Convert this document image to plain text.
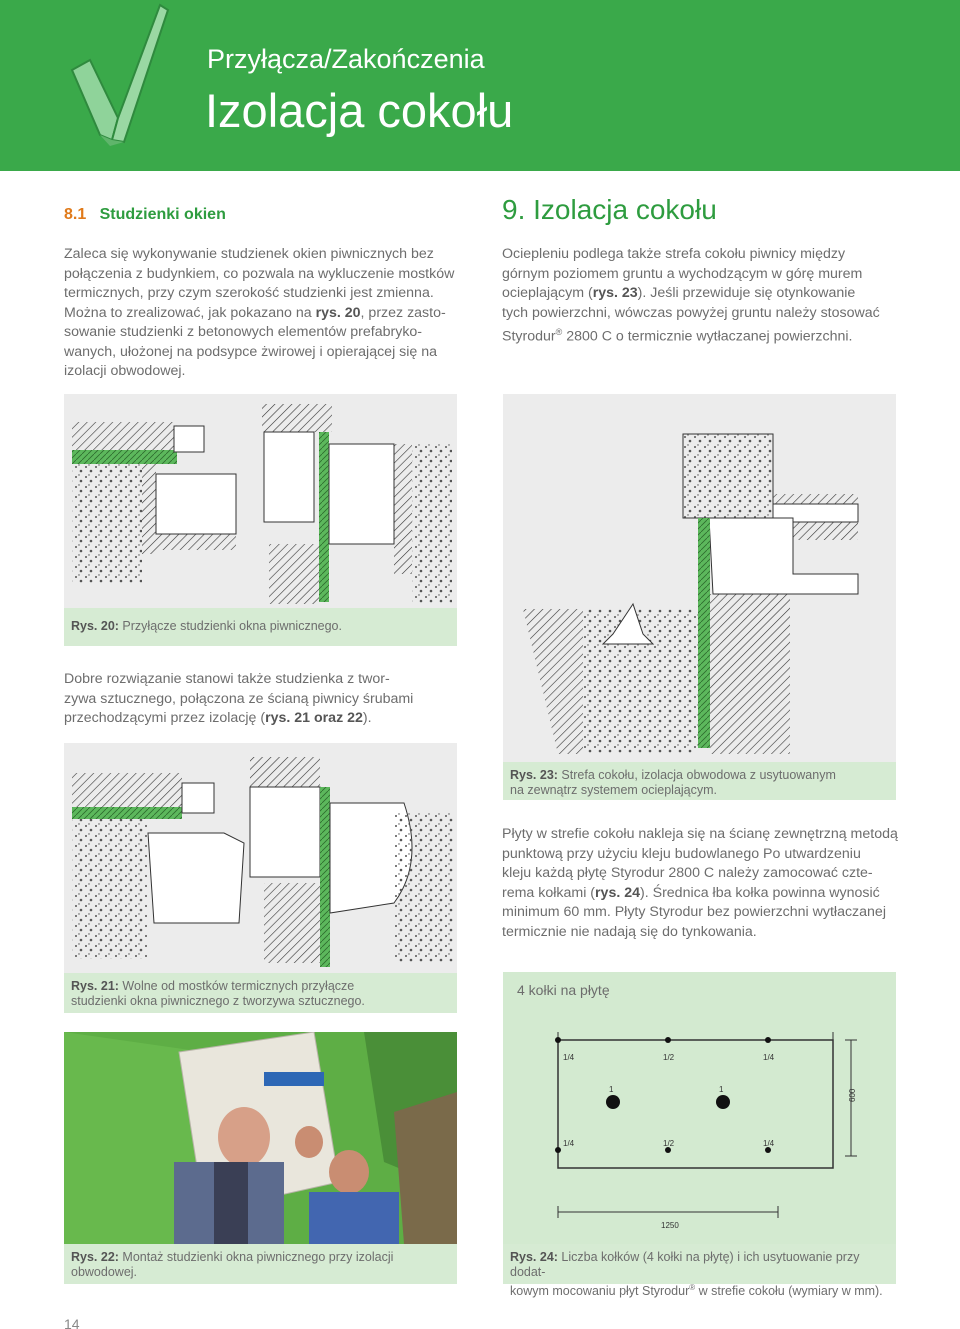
Przyłącza/Zakończenia
Izolacja cokołu
8.1 Studzienki okien
Zaleca się wykonywanie studzienek okien piwnicznych bez
połączenia z budynkiem, co pozwala na wykluczenie mostków
termicznych, przy czym szerokość studzienki jest zmienna.
Można to zrealizować, jak pokazano na rys. 20, przez zasto-
sowanie studzienki z betonowych elementów prefabryko-
wanych, ułożonej na podsypce żwirowej i opierającej się na
izolacji obwodowej.
Rys. 20: Przyłącze studzienki okna piwnicznego.
Dobre rozwiązanie stanowi także studzienka z twor-
zywa sztucznego, połączona ze ścianą piwnicy śrubami
przechodzącymi przez izolację (rys. 21 oraz 22).
Rys. 21: Wolne od mostków termicznych przyłącze
studzienki okna piwnicznego z tworzywa sztucznego.
Rys. 22: Montaż studzienki okna piwnicznego przy izolacji
obwodowej.
9. Izolacja cokołu
Ociepleniu podlega także strefa cokołu piwnicy między
górnym poziomem gruntu a wychodzącym w górę murem
ocieplającym (rys. 23). Jeśli przewiduje się otynkowanie
tych powierzchni, wówczas powyżej gruntu należy stosować
Styrodur® 2800 C o termicznie wytłaczanej powierzchni.
Rys. 23: Strefa cokołu, izolacja obwodowa z usytuowanym
na zewnątrz systemem ocieplającym.
Płyty w strefie cokołu nakleja się na ścianę zewnętrzną metodą
punktową przy użyciu kleju budowlanego Po utwardzeniu
kleju każdą płytę Styrodur 2800 C należy zamocować czte-
rema kołkami (rys. 24). Średnica łba kołka powinna wynosić
minimum 60 mm. Płyty Styrodur bez powierzchni wytłaczanej
termicznie nie nadają się do tynkowania.
4 kołki na płytę
1/4	1/2	1/4
1	1
1/4	1/2	1/4
600
1250
Rys. 24: Liczba kołków (4 kołki na płytę) i ich usytuowanie przy dodat-
kowym mocowaniu płyt Styrodur® w strefie cokołu (wymiary w mm).
14
